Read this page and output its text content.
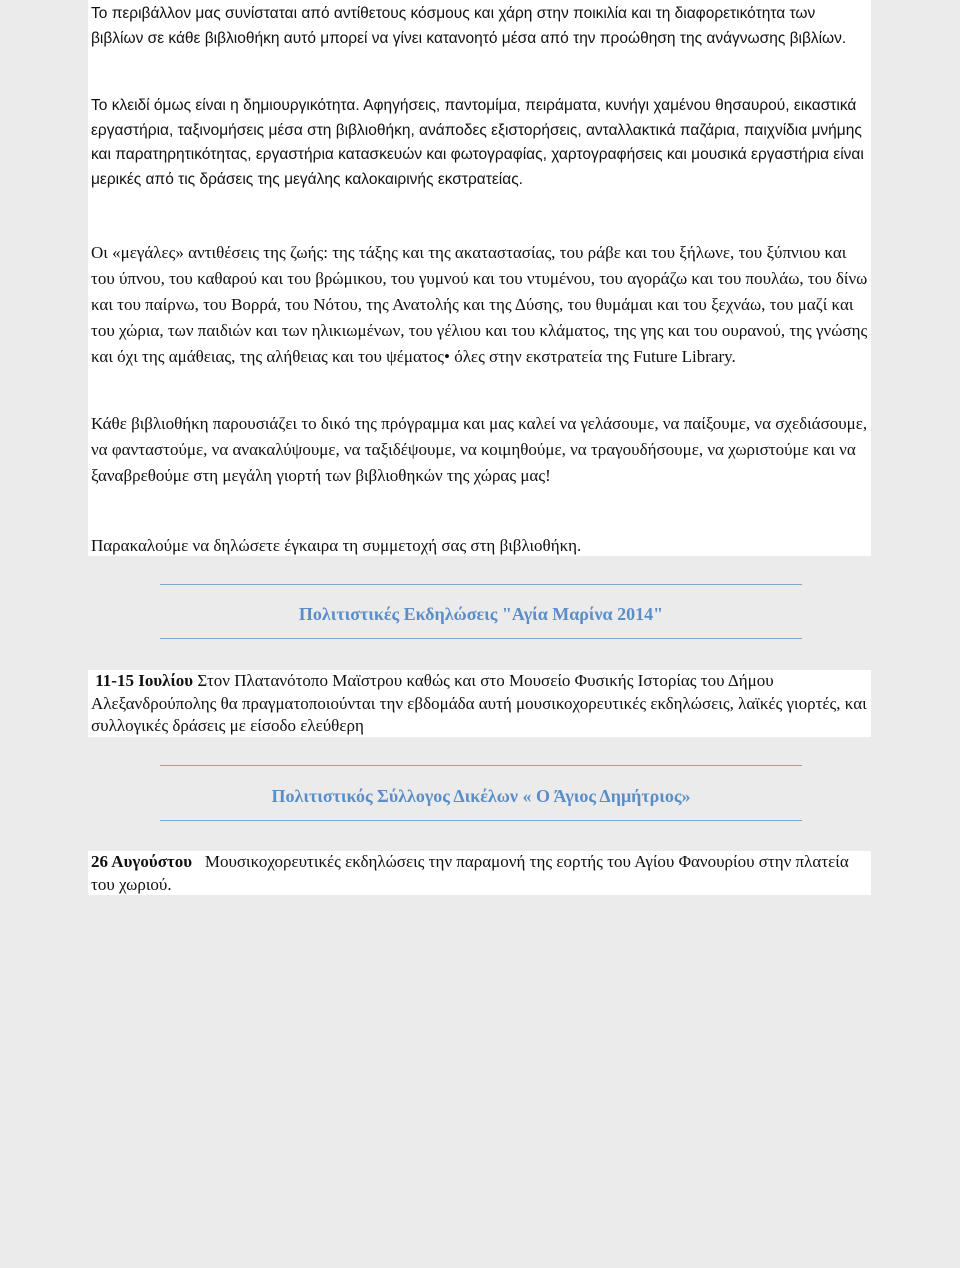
Το περιβάλλον μας συνίσταται από αντίθετους κόσμους και χάρη στην ποικιλία και τη διαφορετικότητα των βιβλίων σε κάθε βιβλιοθήκη αυτό μπορεί να γίνει κατανοητό μέσα από την προώθηση της ανάγνωσης βιβλίων.

Το κλειδί όμως είναι η δημιουργικότητα. Αφηγήσεις, παντομίμα, πειράματα, κυνήγι χαμένου θησαυρού, εικαστικά εργαστήρια, ταξινομήσεις μέσα στη βιβλιοθήκη, ανάποδες εξιστορήσεις, ανταλλακτικά παζάρια, παιχνίδια μνήμης και παρατηρητικότητας, εργαστήρια κατασκευών και φωτογραφίας, χαρτογραφήσεις και μουσικά εργαστήρια είναι μερικές από τις δράσεις της μεγάλης καλοκαιρινής εκστρατείας.

Οι «μεγάλες» αντιθέσεις της ζωής: της τάξης και της ακαταστασίας, του ράβε και του ξήλωνε, του ξύπνιου και του ύπνου, του καθαρού και του βρώμικου, του γυμνού και του ντυμένου, του αγοράζω και του πουλάω, του δίνω και του παίρνω, του Βορρά, του Νότου, της Ανατολής και της Δύσης, του θυμάμαι και του ξεχνάω, του μαζί και του χώρια, των παιδιών και των ηλικιωμένων, του γέλιου και του κλάματος, της γης και του ουρανού, της γνώσης και όχι της αμάθειας, της αλήθειας και του ψέματος• όλες στην εκστρατεία της Future Library.

Κάθε βιβλιοθήκη παρουσιάζει το δικό της πρόγραμμα και μας καλεί να γελάσουμε, να παίξουμε, να σχεδιάσουμε, να φανταστούμε, να ανακαλύψουμε, να ταξιδέψουμε, να κοιμηθούμε, να τραγουδήσουμε, να χωριστούμε και να ξαναβρεθούμε στη μεγάλη γιορτή των βιβλιοθηκών της χώρας μας!

Παρακαλούμε να δηλώσετε έγκαιρα τη συμμετοχή σας στη βιβλιοθήκη.

Πολιτιστικές Εκδηλώσεις "Αγία Μαρίνα 2014"

11-15 Ιουλίου Στον Πλατανότοπο Μαϊστρου καθώς και στο Μουσείο Φυσικής Ιστορίας του Δήμου Αλεξανδρούπολης θα πραγματοποιούνται την εβδομάδα αυτή μουσικοχορευτικές εκδηλώσεις, λαϊκές γιορτές, και συλλογικές δράσεις με είσοδο ελεύθερη

Πολιτιστικός Σύλλογος Δικέλων « Ο Άγιος Δημήτριος»

26 Αυγούστου   Μουσικοχορευτικές εκδηλώσεις την παραμονή της εορτής του Αγίου Φανουρίου στην πλατεία του χωριού.
